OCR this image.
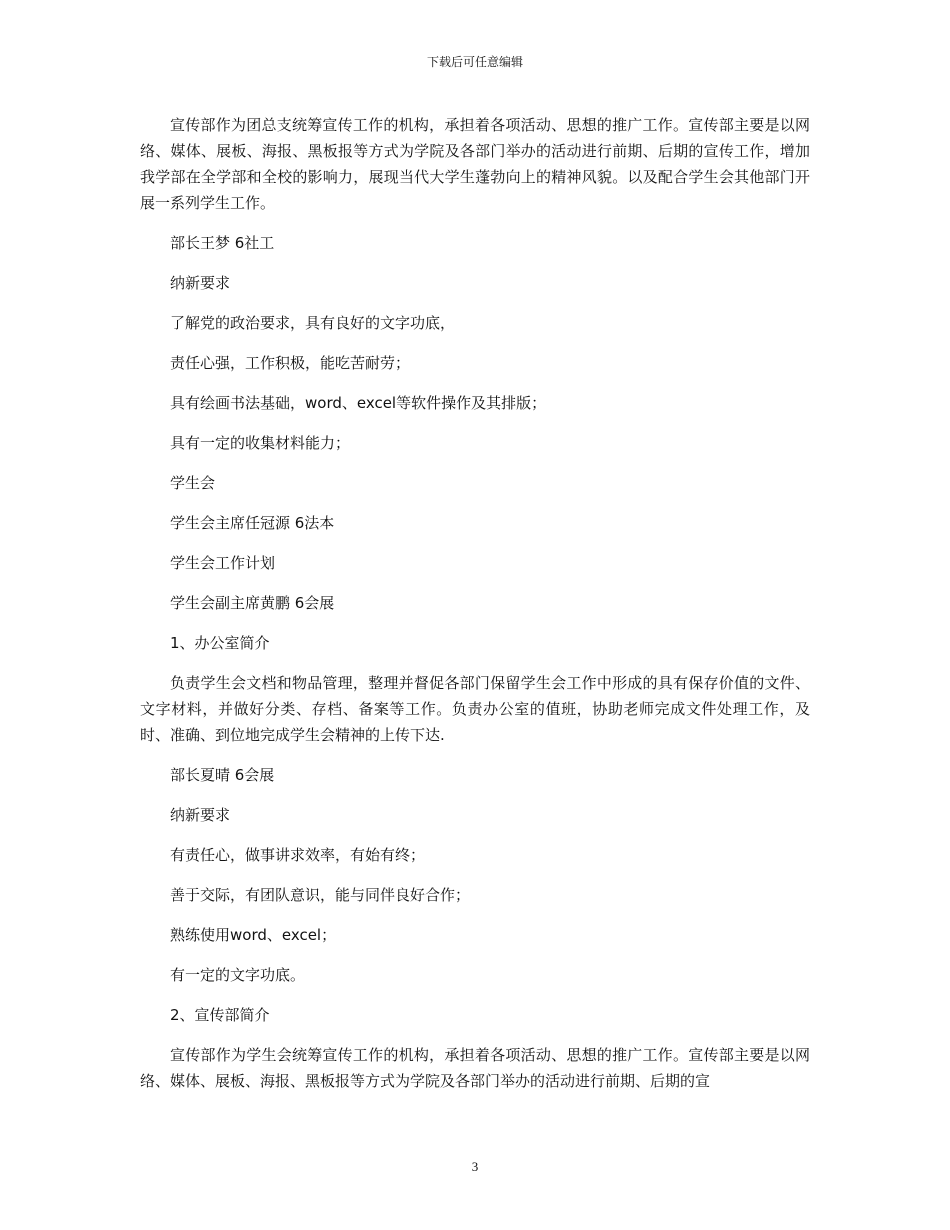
下载后可任意编辑

宣传部作为团总支统筹宣传工作的机构，承担着各项活动、思想的推广工作。宣传部主要是以网络、媒体、展板、海报、黑板报等方式为学院及各部门举办的活动进行前期、后期的宣传工作，增加我学部在全学部和全校的影响力，展现当代大学生蓬勃向上的精神风貌。以及配合学生会其他部门开展一系列学生工作。

部长王梦 6社工

纳新要求

了解党的政治要求，具有良好的文字功底，

责任心强，工作积极，能吃苦耐劳；

具有绘画书法基础，word、excel等软件操作及其排版；

具有一定的收集材料能力；

学生会

学生会主席任冠源 6法本

学生会工作计划

学生会副主席黄鹏 6会展

1、办公室简介

负责学生会文档和物品管理，整理并督促各部门保留学生会工作中形成的具有保存价值的文件、文字材料，并做好分类、存档、备案等工作。负责办公室的值班，协助老师完成文件处理工作，及时、准确、到位地完成学生会精神的上传下达.

部长夏晴 6会展

纳新要求

有责任心，做事讲求效率，有始有终；

善于交际，有团队意识，能与同伴良好合作；

熟练使用word、excel；

有一定的文字功底。

2、宣传部简介

宣传部作为学生会统筹宣传工作的机构，承担着各项活动、思想的推广工作。宣传部主要是以网络、媒体、展板、海报、黑板报等方式为学院及各部门举办的活动进行前期、后期的宣

3
